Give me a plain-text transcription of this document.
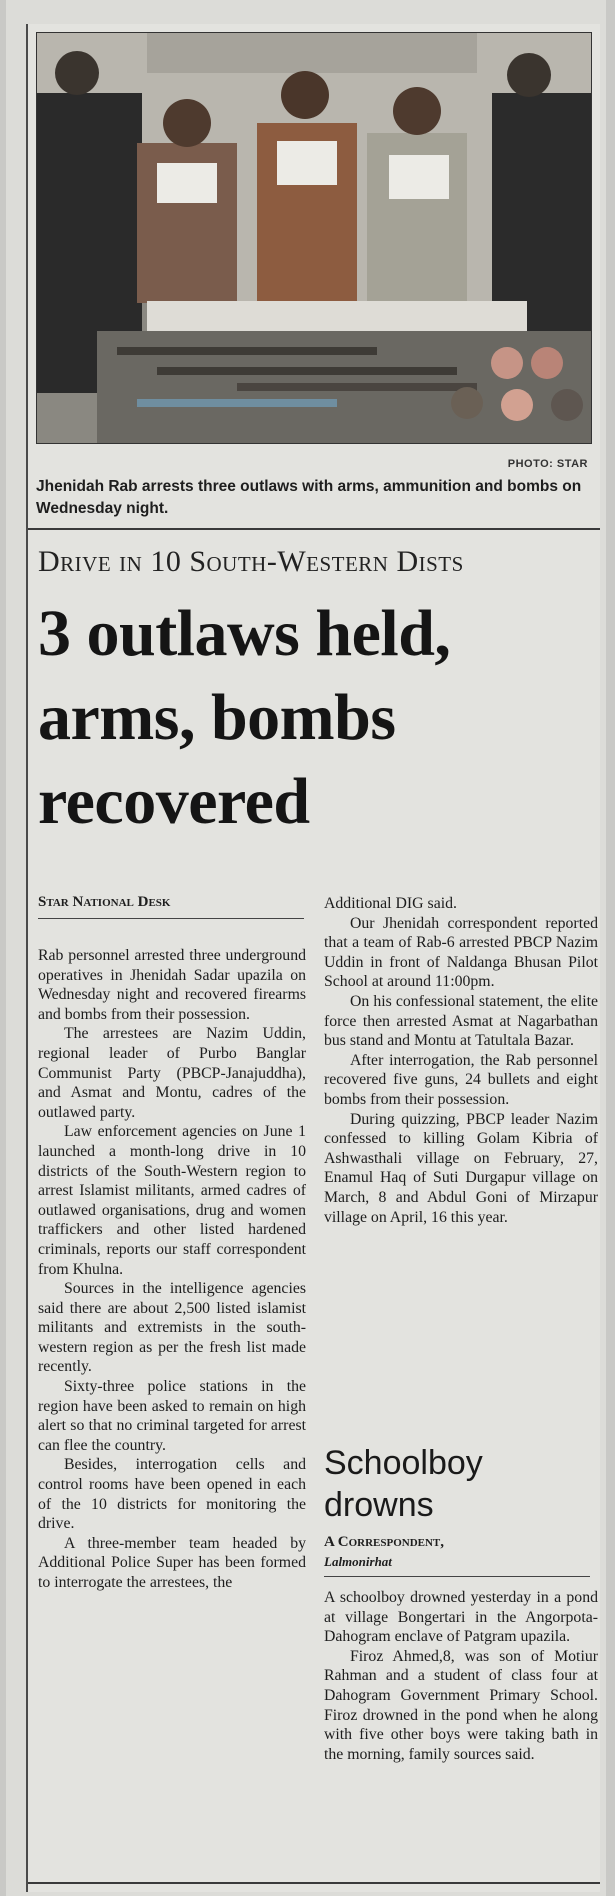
PHOTO: STAR
Jhenidah Rab arrests three outlaws with arms, ammunition and bombs on Wednesday night.
Drive in 10 South-Western Dists
3 outlaws held, arms, bombs recovered
Star National Desk

Rab personnel arrested three underground operatives in Jhenidah Sadar upazila on Wednesday night and recovered firearms and bombs from their possession.

The arrestees are Nazim Uddin, regional leader of Purbo Banglar Communist Party (PBCP-Janajuddha), and Asmat and Montu, cadres of the outlawed party.

Law enforcement agencies on June 1 launched a month-long drive in 10 districts of the South-Western region to arrest Islamist militants, armed cadres of outlawed organisations, drug and women traffickers and other listed hardened criminals, reports our staff correspondent from Khulna.

Sources in the intelligence agencies said there are about 2,500 listed islamist militants and extremists in the south-western region as per the fresh list made recently.

Sixty-three police stations in the region have been asked to remain on high alert so that no criminal targeted for arrest can flee the country.

Besides, interrogation cells and control rooms have been opened in each of the 10 districts for monitoring the drive.

A three-member team headed by Additional Police Super has been formed to interrogate the arrestees, the

Additional DIG said.

Our Jhenidah correspondent reported that a team of Rab-6 arrested PBCP Nazim Uddin in front of Naldanga Bhusan Pilot School at around 11:00pm.

On his confessional statement, the elite force then arrested Asmat at Nagarbathan bus stand and Montu at Tatultala Bazar.

After interrogation, the Rab personnel recovered five guns, 24 bullets and eight bombs from their possession.

During quizzing, PBCP leader Nazim confessed to killing Golam Kibria of Ashwasthali village on February, 27, Enamul Haq of Suti Durgapur village on March, 8 and Abdul Goni of Mirzapur village on April, 16 this year.

Schoolboy drowns
A Correspondent,
Lalmonirhat

A schoolboy drowned yesterday in a pond at village Bongertari in the Angorpota-Dahogram enclave of Patgram upazila.

Firoz Ahmed,8, was son of Motiur Rahman and a student of class four at Dahogram Government Primary School. Firoz drowned in the pond when he along with five other boys were taking bath in the morning, family sources said.
